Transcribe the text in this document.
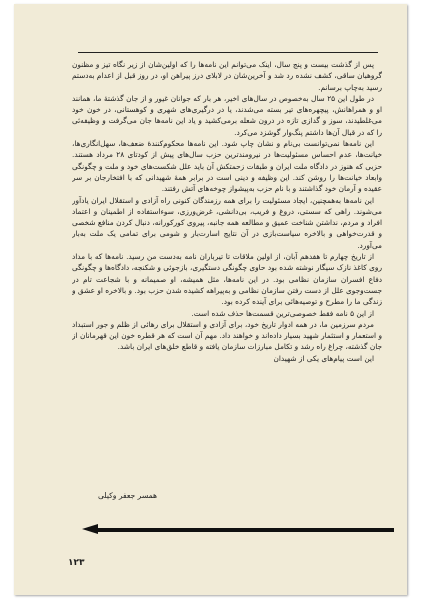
پس از گذشت بیست و پنج سال، اینک می‌توانم این نامه‌ها را که اولین‌شان از زیر نگاه تیز و مظنون گروهبان ساقی، کشف نشده رد شد و آخرین‌شان در لابلای درز پیراهن او، در روز قبل از اعدام به‌دستم رسید به‌چاپ برسانم.

در طول این ۲۵ سال به‌خصوص در سال‌های اخیر، هر بار که جوانان غیور و از جان گذشتهٔ ما، همانند او و همراهانش، پیچهره‌های تیر بسته می‌شدند، یا در درگیری‌های شهری و کوهستانی، در خون خود می‌غلطیدند، سوز و گدازی تازه در درون شعله برمی‌کشید و یاد این نامه‌ها جان می‌گرفت و وظیفه‌ئی را که در قبال آن‌ها داشتم پنگ‌وار گوشزد می‌کرد.

این نامه‌ها نمی‌توانست بی‌نام و نشان چاپ شود. این نامه‌ها محکوم‌کنندهٔ ضعف‌ها، سهل‌انگاری‌ها، خیانت‌ها، عدم احساس مسئولیت‌ها در نیرومندترین حزب سال‌های پیش از کودتای ۲۸ مرداد هستند. حزبی که هنوز در دادگاه ملت ایران و طبقات زحمتکش آن باید علل شکست‌های خود و ملت و چگونگی وابعاد خیانت‌ها را روشن کند. این وظیفه و دینی است در برابر همهٔ شهیدانی که با افتخارجان بر سر عقیده و آرمان خود گذاشتند و با نام حزب به‌پیشواز چوخه‌های آتش رفتند.

این نامه‌ها به‌همچنین، ایجاد مسئولیت را برای همه رزمندگان کنونی راه آزادی و استقلال ایران یادآور می‌شوند. راهی که سستی، دروغ و فریب، بی‌دانشی، غرض‌ورزی، سوءاستفاده از اطمینان و اعتماد افراد و مردم، نداشتن شناخت عمیق و مطالعه همه جانبه، پیروی کورکورانه، دنبال کردن منافع شخصی و قدرت‌خواهی و بالاخره سیاست‌بازی در آن نتایج اسارت‌بار و شومی برای تمامی یک ملت به‌بار می‌آورد.

از تاریخ چهارم تا هفدهم آبان، از اولین ملاقات تا تیرباران نامه به‌دست من رسید. نامه‌ها که با مداد روی کاغذ نازک سیگار نوشته شده بود حاوی چگونگی دستگیری، بازجوئی و شکنجه، دادگاه‌ها و چگونگی دفاع افسران سازمان نظامی بود. در این نامه‌ها، مثل همیشه، او صمیمانه و با شجاعت تام در جست‌وجوی علل از دست رفتن سازمان نظامی و به‌پیراهه کشیده شدن حزب بود. و بالاخره او عشق و زندگی ما را مطرح و توصیه‌هائی برای آینده کرده بود.

از این ۵ نامه فقط خصوصی‌ترین قسمت‌ها حذف شده است.

مردم سرزمین ما، در همه ادوار تاریخ خود، برای آزادی و استقلال برای رهائی از ظلم و جور استبداد و استعمار و استثمار شهید بسیار داده‌اند و خواهند داد. مهم آن است که هر قطره خون این قهرمانان از جان گذشته، چراغ راه رشد و تکامل مبارزات سازمان یافته و قاطع خلق‌های ایران باشد.

این است پیام‌های یکی از شهیدان

همسر جعفر وکیلی
۱۲۳
